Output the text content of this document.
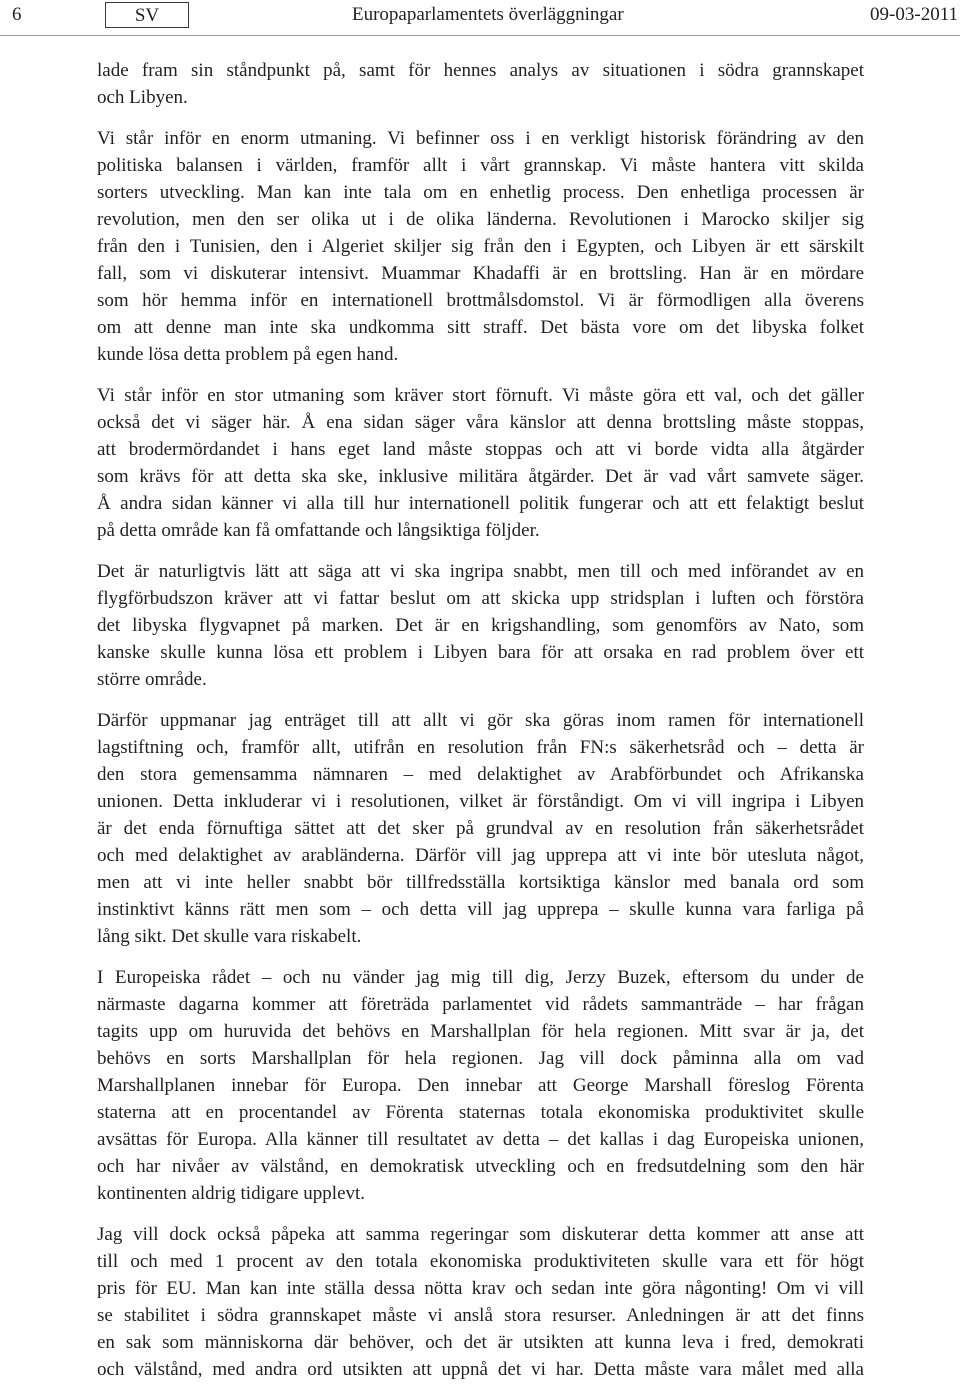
6	SV	Europaparlamentets överläggningar	09-03-2011
lade fram sin ståndpunkt på, samt för hennes analys av situationen i södra grannskapet
och Libyen.
Vi står inför en enorm utmaning. Vi befinner oss i en verkligt historisk förändring av den
politiska balansen i världen, framför allt i vårt grannskap. Vi måste hantera vitt skilda
sorters utveckling. Man kan inte tala om en enhetlig process. Den enhetliga processen är
revolution, men den ser olika ut i de olika länderna. Revolutionen i Marocko skiljer sig
från den i Tunisien, den i Algeriet skiljer sig från den i Egypten, och Libyen är ett särskilt
fall, som vi diskuterar intensivt. Muammar Khadaffi är en brottsling. Han är en mördare
som hör hemma inför en internationell brottmålsdomstol. Vi är förmodligen alla överens
om att denne man inte ska undkomma sitt straff. Det bästa vore om det libyska folket
kunde lösa detta problem på egen hand.
Vi står inför en stor utmaning som kräver stort förnuft. Vi måste göra ett val, och det gäller
också det vi säger här. Å ena sidan säger våra känslor att denna brottsling måste stoppas,
att brodermördandet i hans eget land måste stoppas och att vi borde vidta alla åtgärder
som krävs för att detta ska ske, inklusive militära åtgärder. Det är vad vårt samvete säger.
Å andra sidan känner vi alla till hur internationell politik fungerar och att ett felaktigt beslut
på detta område kan få omfattande och långsiktiga följder.
Det är naturligtvis lätt att säga att vi ska ingripa snabbt, men till och med införandet av en
flygförbudszon kräver att vi fattar beslut om att skicka upp stridsplan i luften och förstöra
det libyska flygvapnet på marken. Det är en krigshandling, som genomförs av Nato, som
kanske skulle kunna lösa ett problem i Libyen bara för att orsaka en rad problem över ett
större område.
Därför uppmanar jag enträget till att allt vi gör ska göras inom ramen för internationell
lagstiftning och, framför allt, utifrån en resolution från FN:s säkerhetsråd och – detta är
den stora gemensamma nämnaren – med delaktighet av Arabförbundet och Afrikanska
unionen. Detta inkluderar vi i resolutionen, vilket är förståndigt. Om vi vill ingripa i Libyen
är det enda förnuftiga sättet att det sker på grundval av en resolution från säkerhetsrådet
och med delaktighet av arabländerna. Därför vill jag upprepa att vi inte bör utesluta något,
men att vi inte heller snabbt bör tillfredsställa kortsiktiga känslor med banala ord som
instinktivt känns rätt men som – och detta vill jag upprepa – skulle kunna vara farliga på
lång sikt. Det skulle vara riskabelt.
I Europeiska rådet – och nu vänder jag mig till dig, Jerzy Buzek, eftersom du under de
närmaste dagarna kommer att företräda parlamentet vid rådets sammanträde – har frågan
tagits upp om huruvida det behövs en Marshallplan för hela regionen. Mitt svar är ja, det
behövs en sorts Marshallplan för hela regionen. Jag vill dock påminna alla om vad
Marshallplanen innebar för Europa. Den innebar att George Marshall föreslog Förenta
staterna att en procentandel av Förenta staternas totala ekonomiska produktivitet skulle
avsättas för Europa. Alla känner till resultatet av detta – det kallas i dag Europeiska unionen,
och har nivåer av välstånd, en demokratisk utveckling och en fredsutdelning som den här
kontinenten aldrig tidigare upplevt.
Jag vill dock också påpeka att samma regeringar som diskuterar detta kommer att anse att
till och med 1 procent av den totala ekonomiska produktiviteten skulle vara ett för högt
pris för EU. Man kan inte ställa dessa nötta krav och sedan inte göra någonting! Om vi vill
se stabilitet i södra grannskapet måste vi anslå stora resurser. Anledningen är att det finns
en sak som människorna där behöver, och det är utsikten att kunna leva i fred, demokrati
och välstånd, med andra ord utsikten att uppnå det vi har. Detta måste vara målet med alla
